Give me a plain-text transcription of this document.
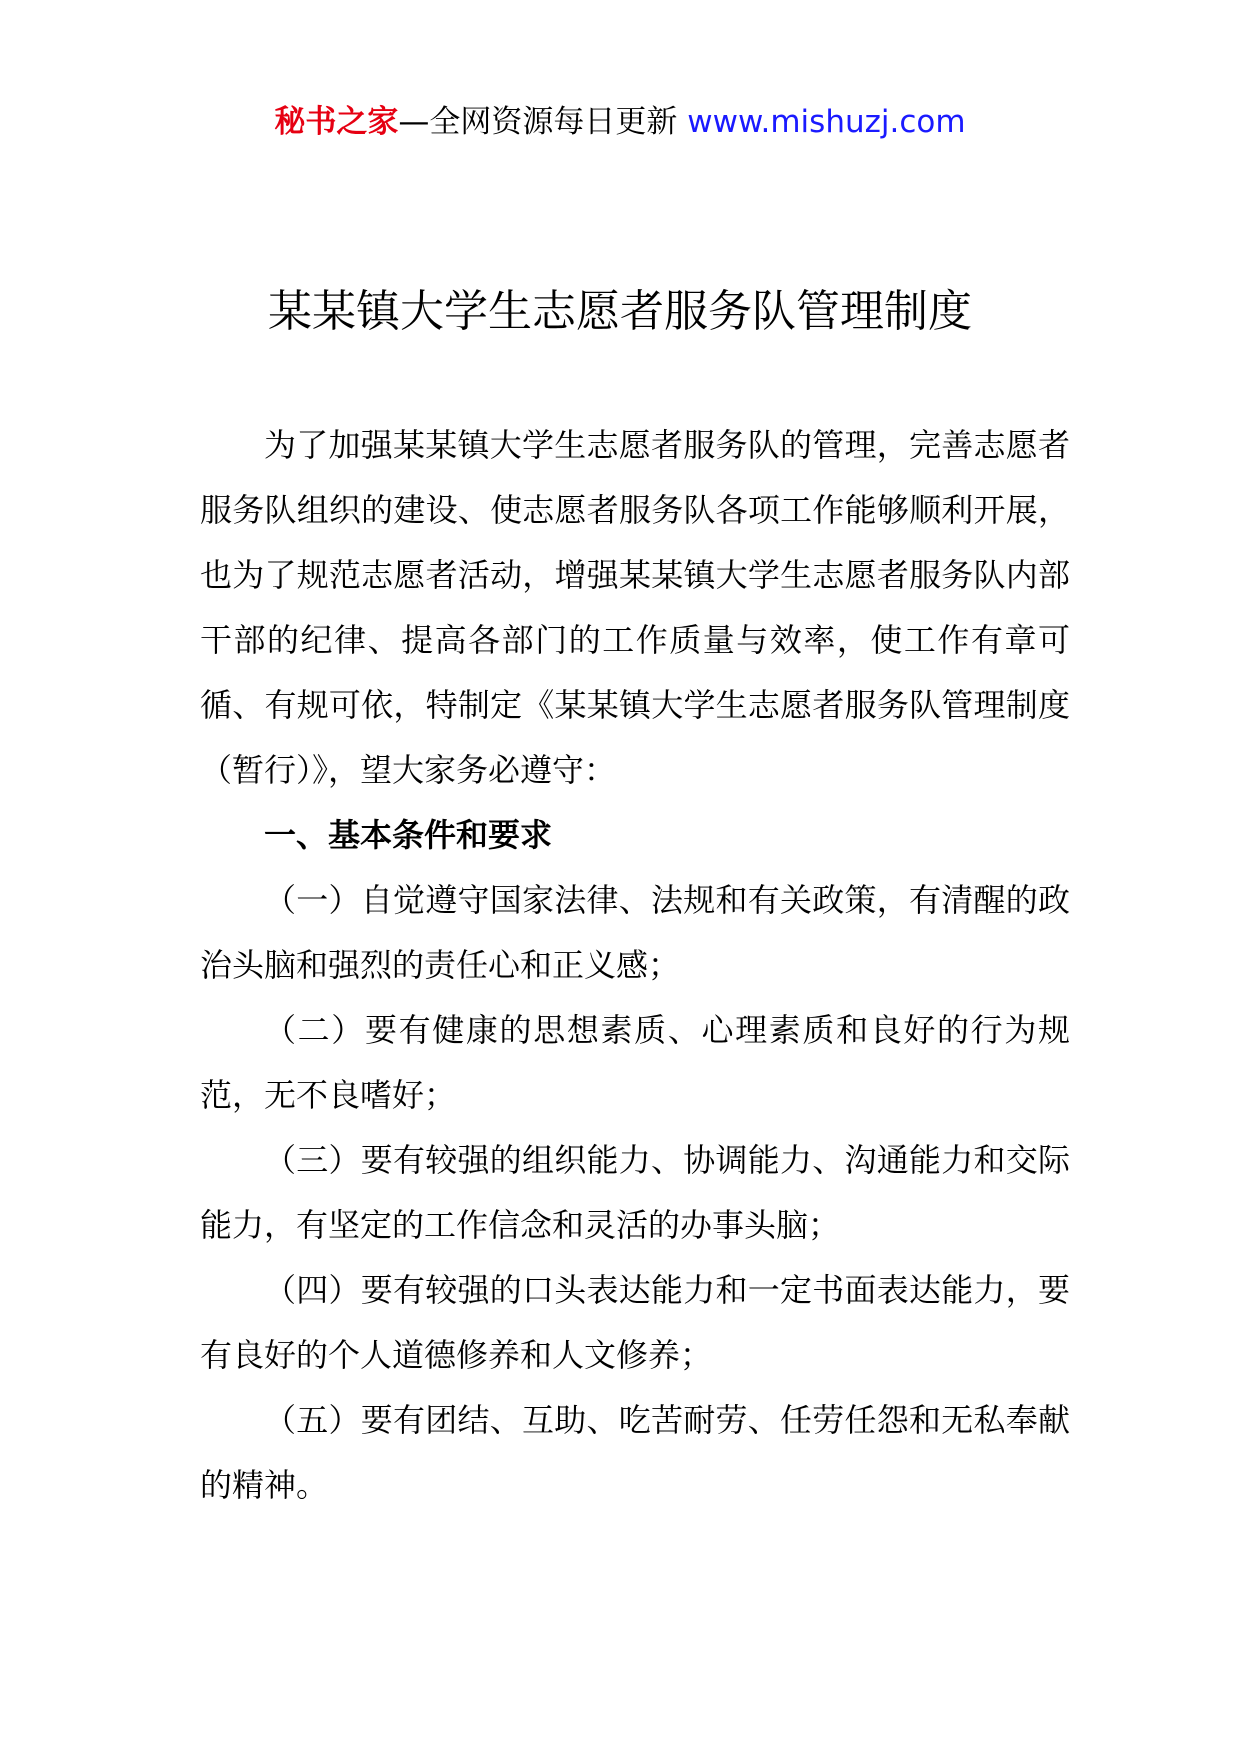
秘书之家—全网资源每日更新 www.mishuzj.com
某某镇大学生志愿者服务队管理制度

为了加强某某镇大学生志愿者服务队的管理，完善志愿者服务队组织的建设、使志愿者服务队各项工作能够顺利开展，也为了规范志愿者活动，增强某某镇大学生志愿者服务队内部干部的纪律、提高各部门的工作质量与效率，使工作有章可循、有规可依，特制定《某某镇大学生志愿者服务队管理制度（暂行）》，望大家务必遵守：

一、基本条件和要求

（一）自觉遵守国家法律、法规和有关政策，有清醒的政治头脑和强烈的责任心和正义感；

（二）要有健康的思想素质、心理素质和良好的行为规范，无不良嗜好；

（三）要有较强的组织能力、协调能力、沟通能力和交际能力，有坚定的工作信念和灵活的办事头脑；

（四）要有较强的口头表达能力和一定书面表达能力，要有良好的个人道德修养和人文修养；

（五）要有团结、互助、吃苦耐劳、任劳任怨和无私奉献的精神。
